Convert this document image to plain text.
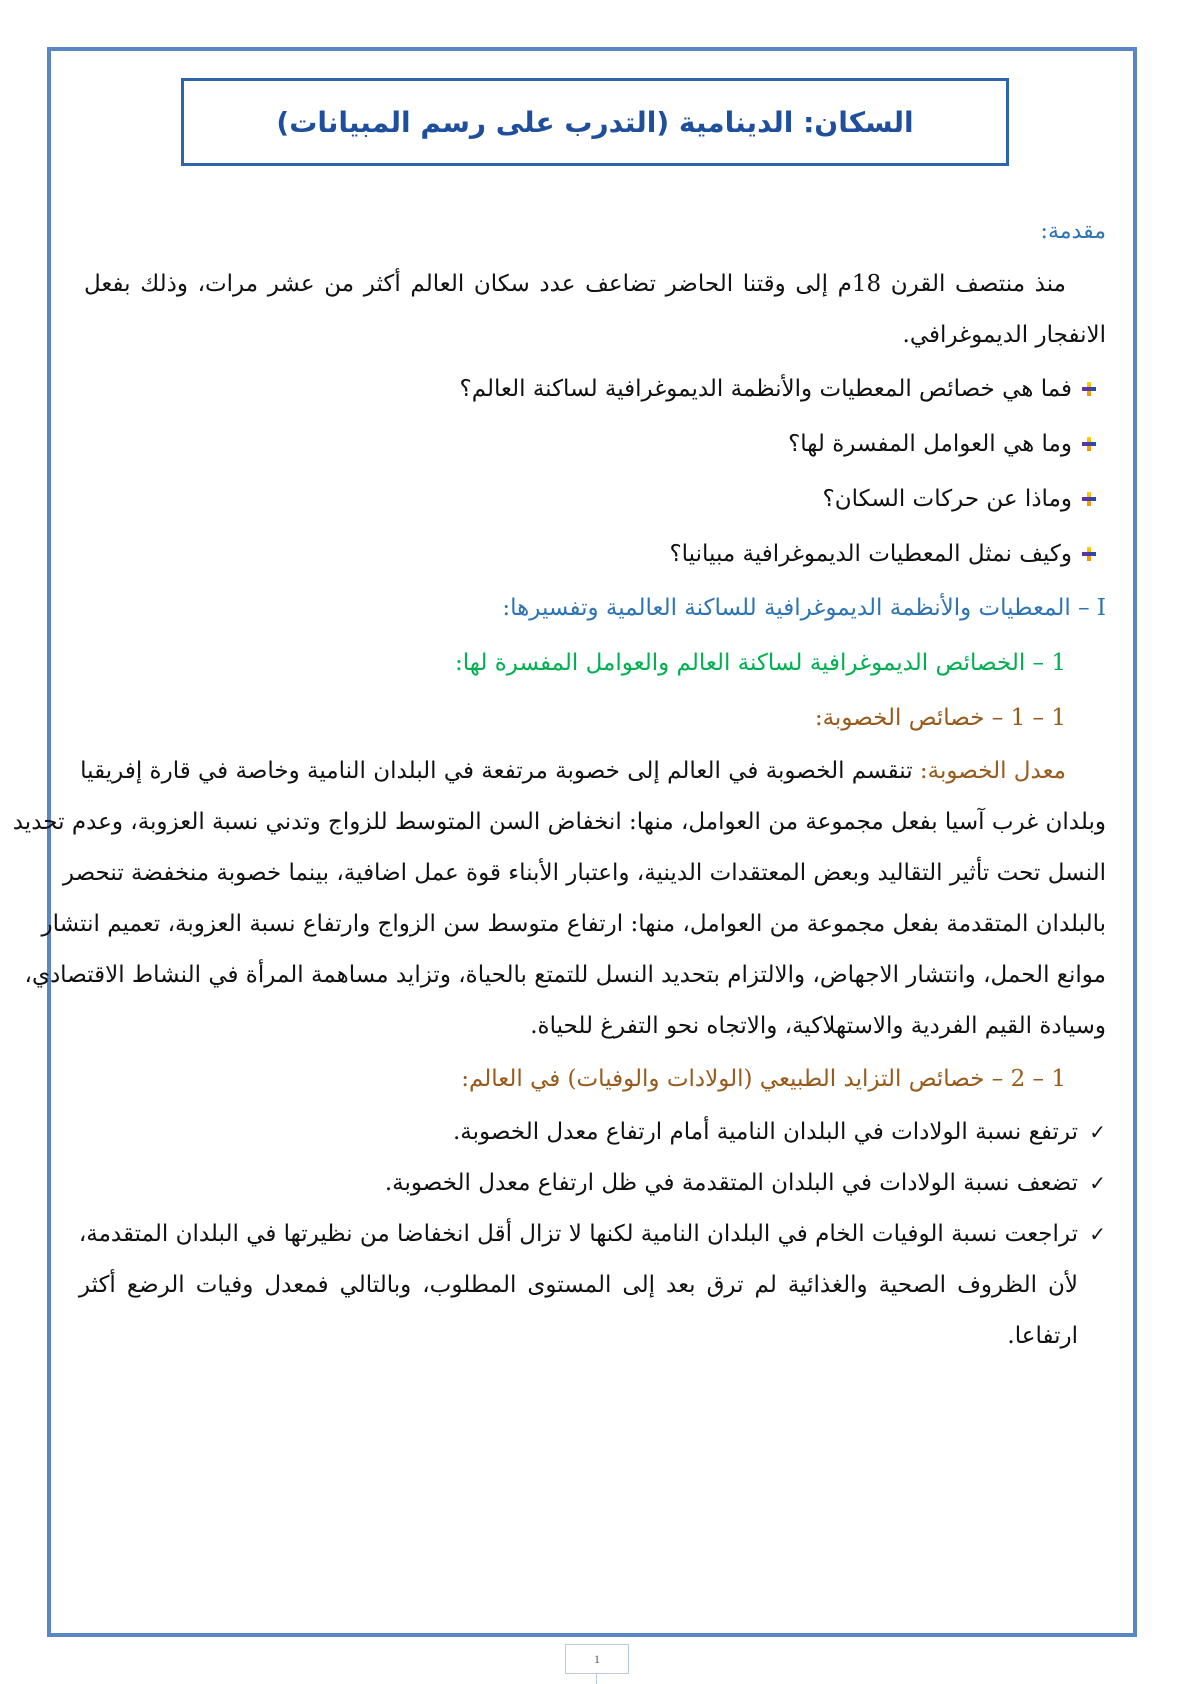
السكان: الدينامية (التدرب على رسم المبيانات)
مقدمة:
منذ منتصف القرن 18م إلى وقتنا الحاضر تضاعف عدد سكان العالم أكثر من عشر مرات، وذلك بفعل
الانفجار الديموغرافي.
فما هي خصائص المعطيات والأنظمة الديموغرافية لساكنة العالم؟
وما هي العوامل المفسرة لها؟
وماذا عن حركات السكان؟
وكيف نمثل المعطيات الديموغرافية مبيانيا؟
I – المعطيات والأنظمة الديموغرافية للساكنة العالمية وتفسيرها:
1 – الخصائص الديموغرافية لساكنة العالم والعوامل المفسرة لها:
1 – 1 – خصائص الخصوبة:
معدل الخصوبة: تنقسم الخصوبة في العالم إلى خصوبة مرتفعة في البلدان النامية وخاصة في قارة إفريقيا
وبلدان غرب آسيا بفعل مجموعة من العوامل، منها: انخفاض السن المتوسط للزواج وتدني نسبة العزوبة، وعدم تحديد
النسل تحت تأثير التقاليد وبعض المعتقدات الدينية، واعتبار الأبناء قوة عمل اضافية، بينما خصوبة منخفضة تنحصر
بالبلدان المتقدمة بفعل مجموعة من العوامل، منها: ارتفاع متوسط سن الزواج وارتفاع نسبة العزوبة، تعميم انتشار
موانع الحمل، وانتشار الاجهاض، والالتزام بتحديد النسل للتمتع بالحياة، وتزايد مساهمة المرأة في النشاط الاقتصادي،
وسيادة القيم الفردية والاستهلاكية، والاتجاه نحو التفرغ للحياة.
1 – 2 – خصائص التزايد الطبيعي (الولادات والوفيات) في العالم:
✓
ترتفع نسبة الولادات في البلدان النامية أمام ارتفاع معدل الخصوبة.
✓
تضعف نسبة الولادات في البلدان المتقدمة في ظل ارتفاع معدل الخصوبة.
✓
تراجعت نسبة الوفيات الخام في البلدان النامية لكنها لا تزال أقل انخفاضا من نظيرتها في البلدان المتقدمة،
لأن الظروف الصحية والغذائية لم ترق بعد إلى المستوى المطلوب، وبالتالي فمعدل وفيات الرضع أكثر
ارتفاعا.
1
